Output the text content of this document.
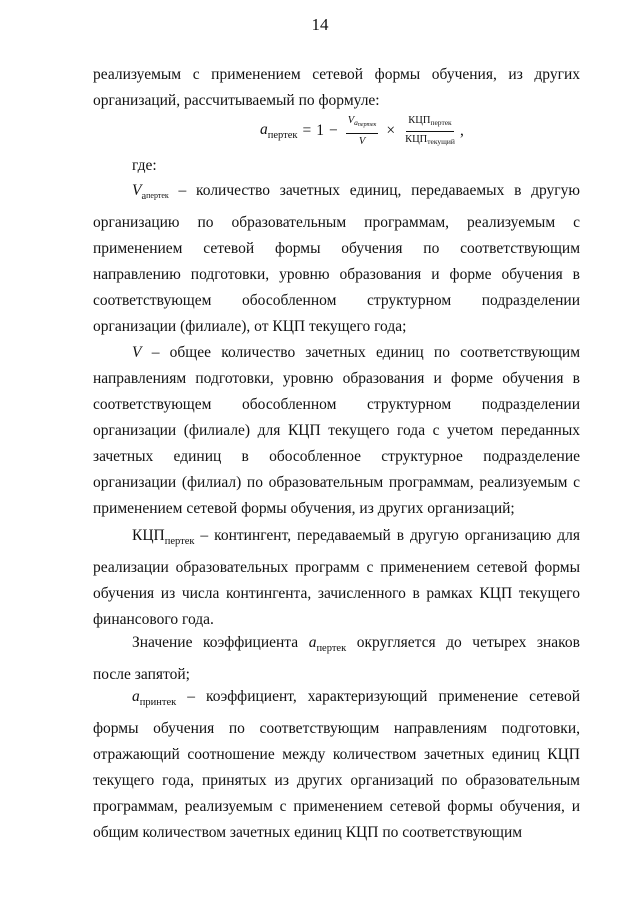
14

реализуемым с применением сетевой формы обучения, из других организаций, рассчитываемый по формуле:

$a_{пертек} = 1 - \frac{Va_{пертек}}{V} \times \frac{\text{КЦПпертек}}{\text{КЦПтекущий}}$ ,

где:

$V_aпертек$ – количество зачетных единиц, передаваемых в другую организацию по образовательным программам, реализуемым с применением сетевой формы обучения по соответствующим направлению подготовки, уровню образования и форме обучения в соответствующем обособленном структурном подразделении организации (филиале), от КЦП текущего года;

V – общее количество зачетных единиц по соответствующим направлениям подготовки, уровню образования и форме обучения в соответствующем обособленном структурном подразделении организации (филиале) для КЦП текущего года с учетом переданных зачетных единиц в обособленное структурное подразделение организации (филиал) по образовательным программам, реализуемым с применением сетевой формы обучения, из других организаций;

$КЦП_{пертек}$ – контингент, передаваемый в другую организацию для реализации образовательных программ с применением сетевой формы обучения из числа контингента, зачисленного в рамках КЦП текущего финансового года.

Значение коэффициента $a_{пертек}$ округляется до четырех знаков после запятой;

$a_{принтек}$ – коэффициент, характеризующий применение сетевой формы обучения по соответствующим направлениям подготовки, отражающий соотношение между количеством зачетных единиц КЦП текущего года, принятых из других организаций по образовательным программам, реализуемым с применением сетевой формы обучения, и общим количеством зачетных единиц КЦП по соответствующим
